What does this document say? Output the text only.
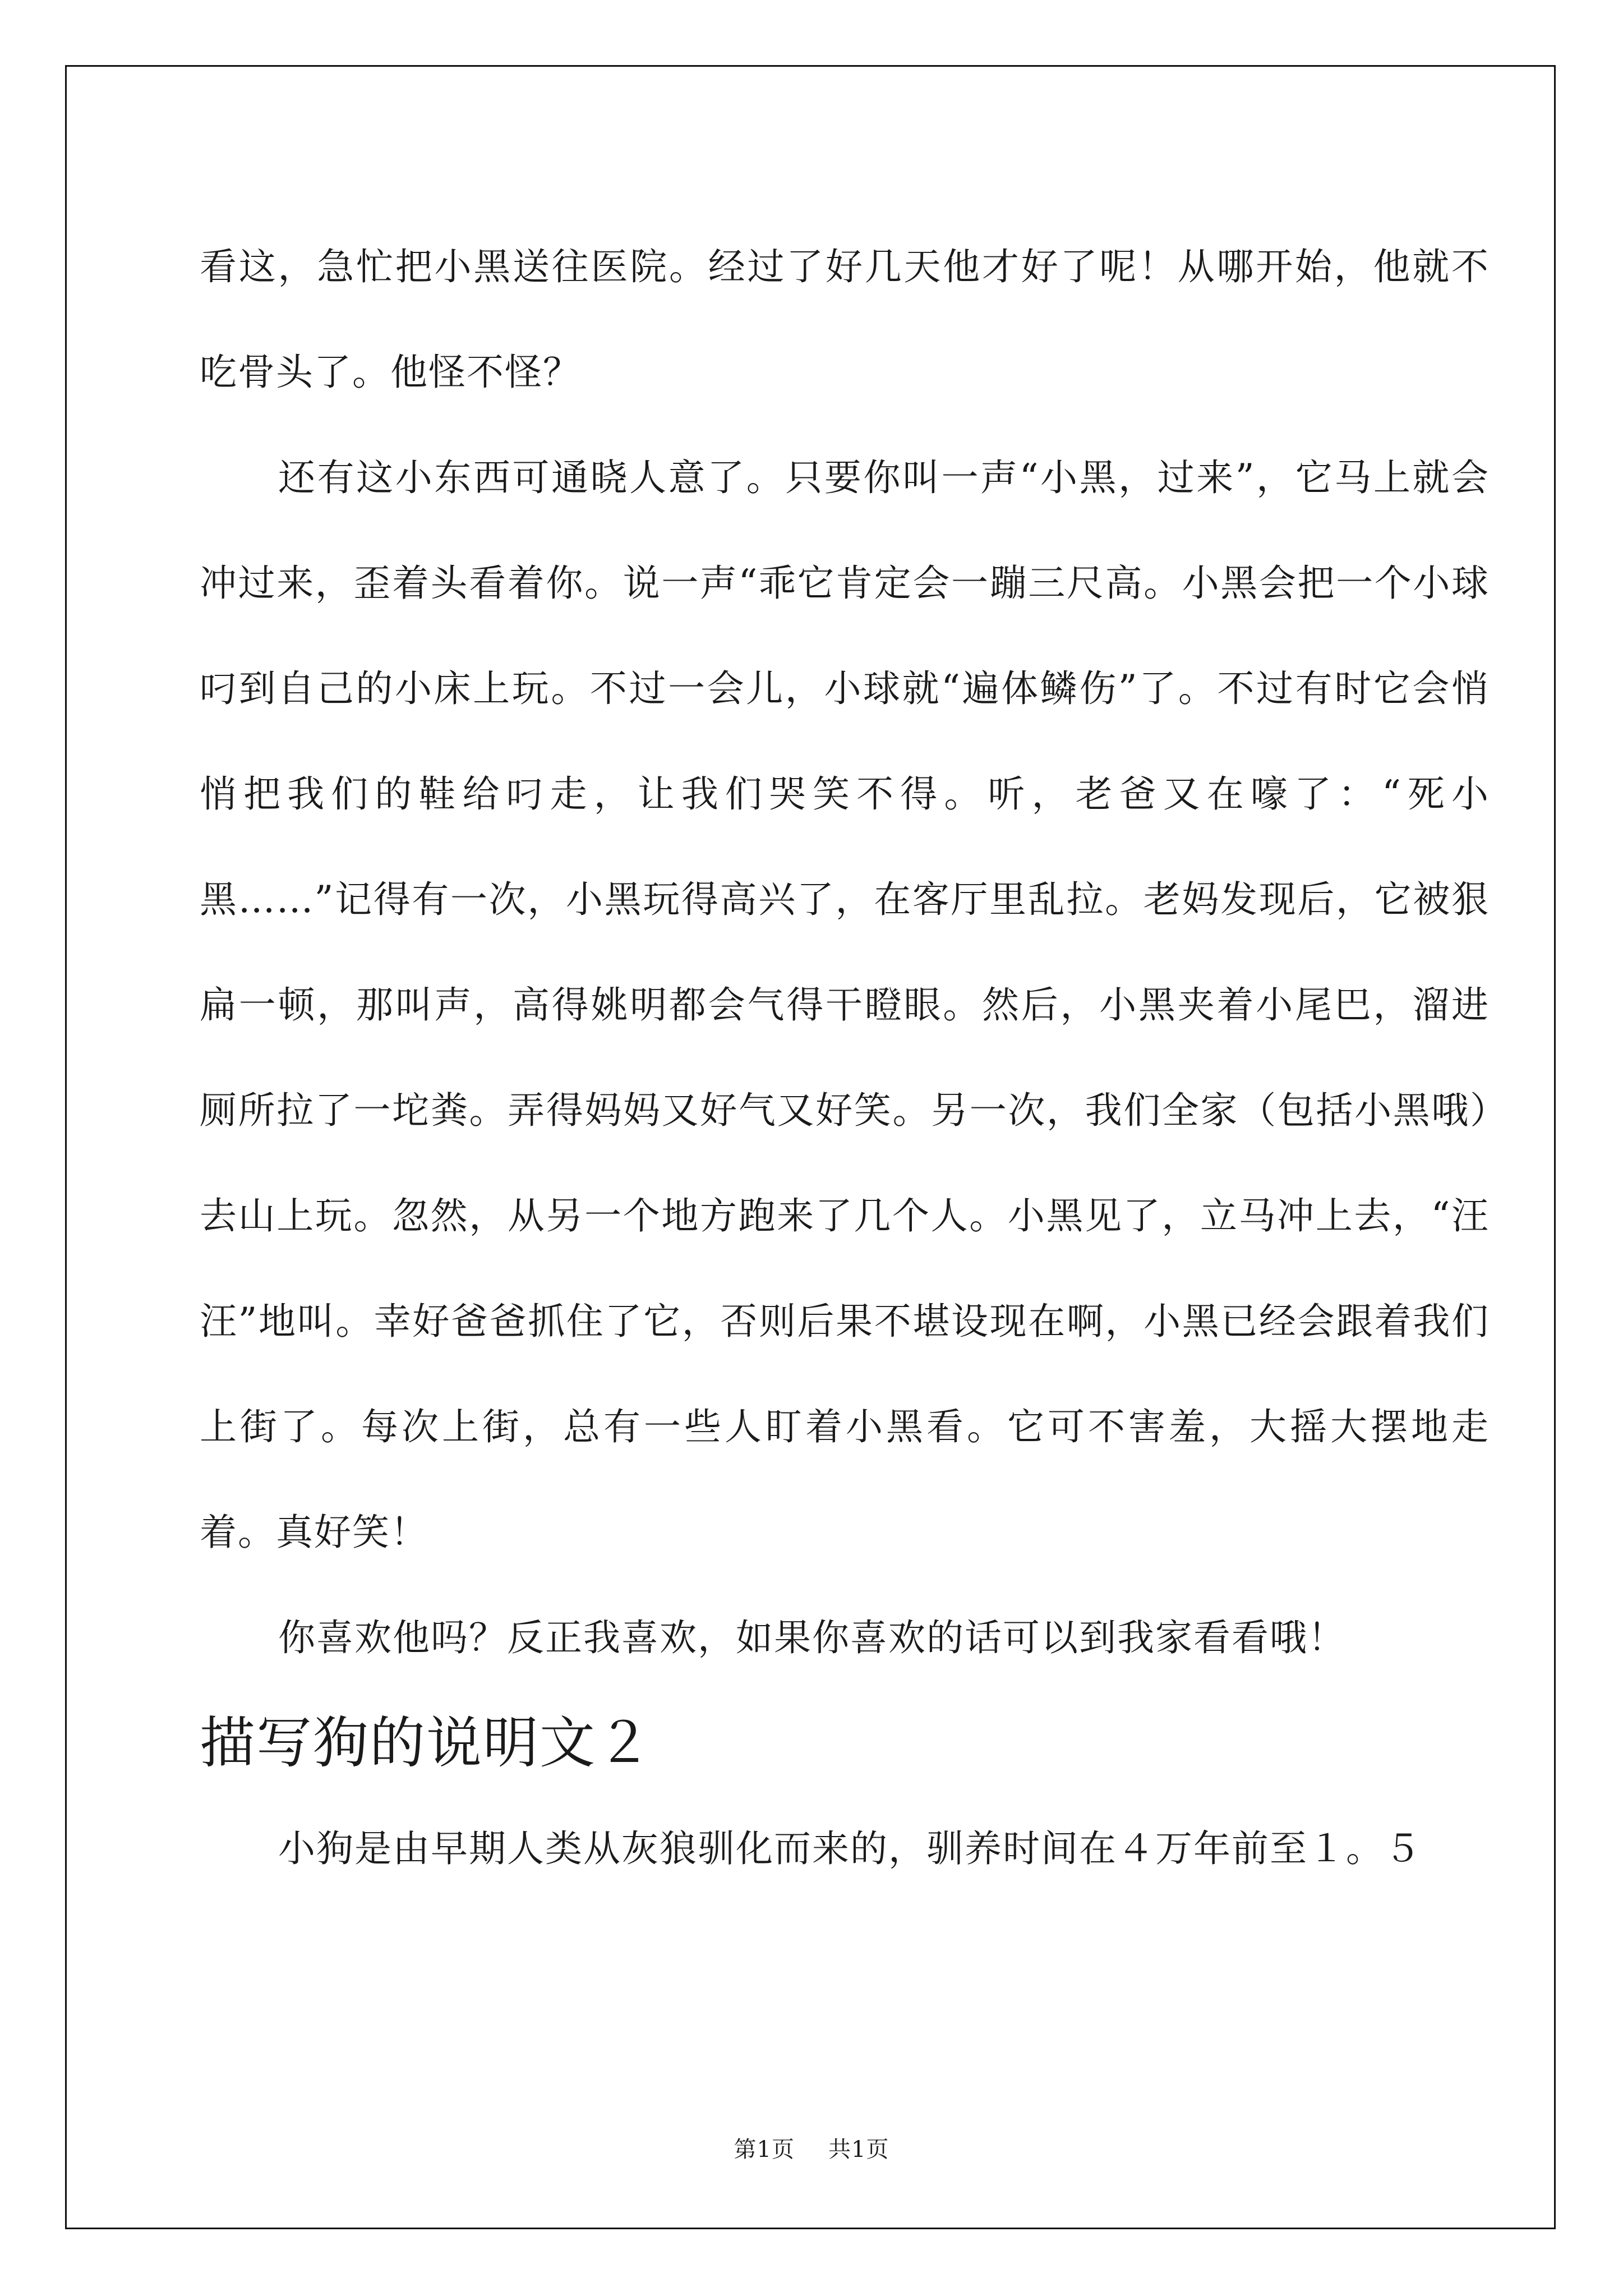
看这，急忙把小黑送往医院。经过了好几天他才好了呢！从哪开始，他就不吃骨头了。他怪不怪？

还有这小东西可通晓人意了。只要你叫一声“小黑，过来”，它马上就会冲过来，歪着头看着你。说一声“乖它肯定会一蹦三尺高。小黑会把一个小球叼到自己的小床上玩。不过一会儿，小球就“遍体鳞伤”了。不过有时它会悄悄把我们的鞋给叼走，让我们哭笑不得。听，老爸又在嚎了：“死小黑……”记得有一次，小黑玩得高兴了，在客厅里乱拉。老妈发现后，它被狠扁一顿，那叫声，高得姚明都会气得干瞪眼。然后，小黑夹着小尾巴，溜进厕所拉了一坨粪。弄得妈妈又好气又好笑。另一次，我们全家（包括小黑哦）去山上玩。忽然，从另一个地方跑来了几个人。小黑见了，立马冲上去，“汪汪”地叫。幸好爸爸抓住了它，否则后果不堪设现在啊，小黑已经会跟着我们上街了。每次上街，总有一些人盯着小黑看。它可不害羞，大摇大摆地走着。真好笑！

你喜欢他吗？反正我喜欢，如果你喜欢的话可以到我家看看哦！

描写狗的说明文２

小狗是由早期人类从灰狼驯化而来的，驯养时间在４万年前至１。５

第1页 共1页
